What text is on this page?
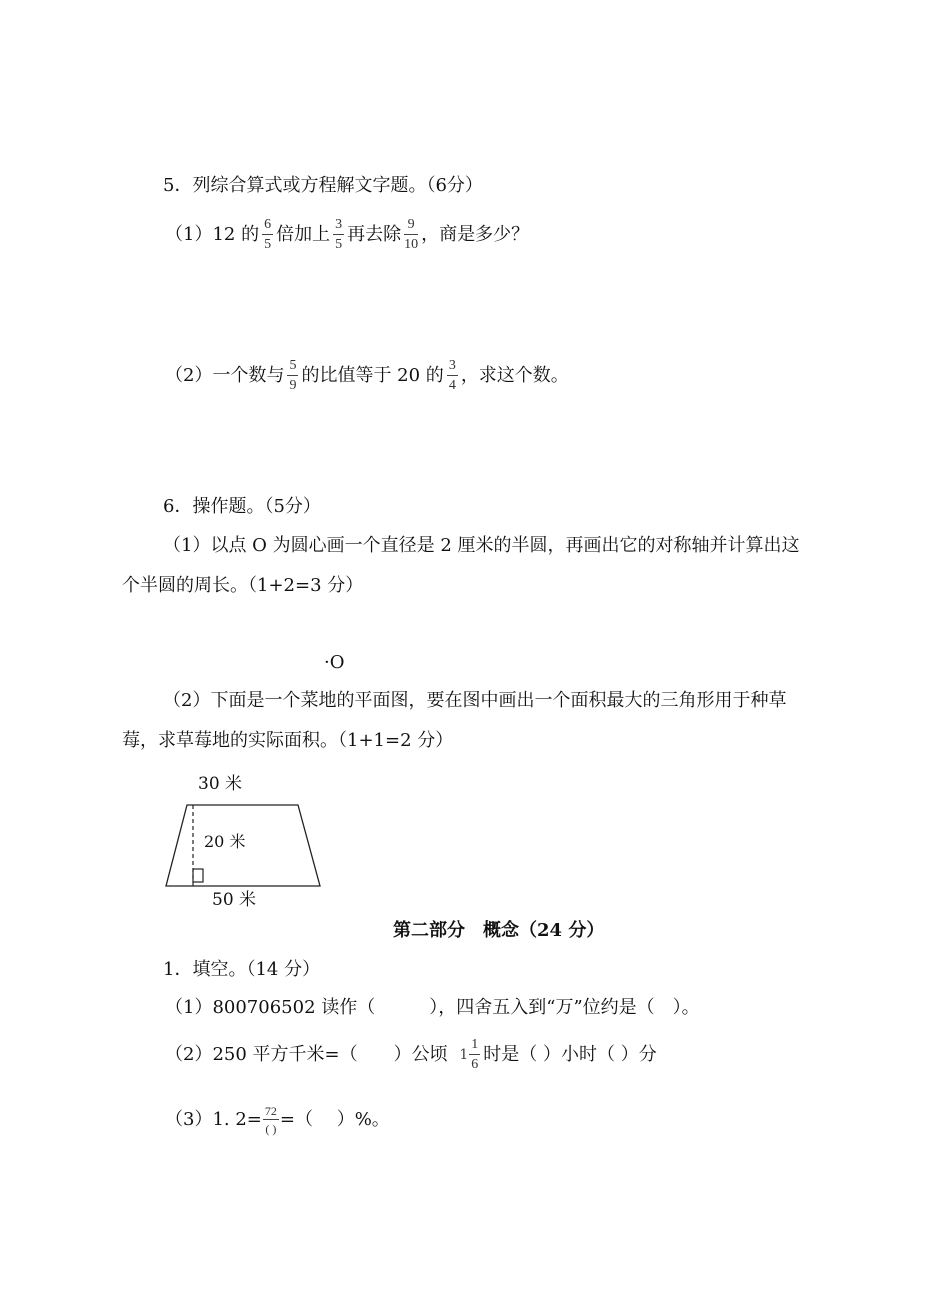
5．列综合算式或方程解文字题。（6分）
（1）12 的 $\frac{6}{5}$ 倍加上 $\frac{3}{5}$ 再去除 $\frac{9}{10}$ ，商是多少？
（2）一个数与 $\frac{5}{9}$ 的比值等于 20 的 $\frac{3}{4}$ ，求这个数。
6．操作题。（5分）
（1）以点 O 为圆心画一个直径是 2 厘米的半圆，再画出它的对称轴并计算出这
个半圆的周长。（1+2=3 分）
·O
（2）下面是一个菜地的平面图，要在图中画出一个面积最大的三角形用于种草
莓，求草莓地的实际面积。（1+1=2 分）
30 米
20 米
50 米
第二部分　概念（24 分）
1．填空。（14 分）
（1）800706502 读作（　　　），四舍五入到“万”位约是（　）。
（2）250 平方千米=（　　）公顷 $1 \frac{1}{6}$ 时是（ ）小时（ ）分
（3）1. $2= \frac{72}{( )}$ =（　 ）%。
